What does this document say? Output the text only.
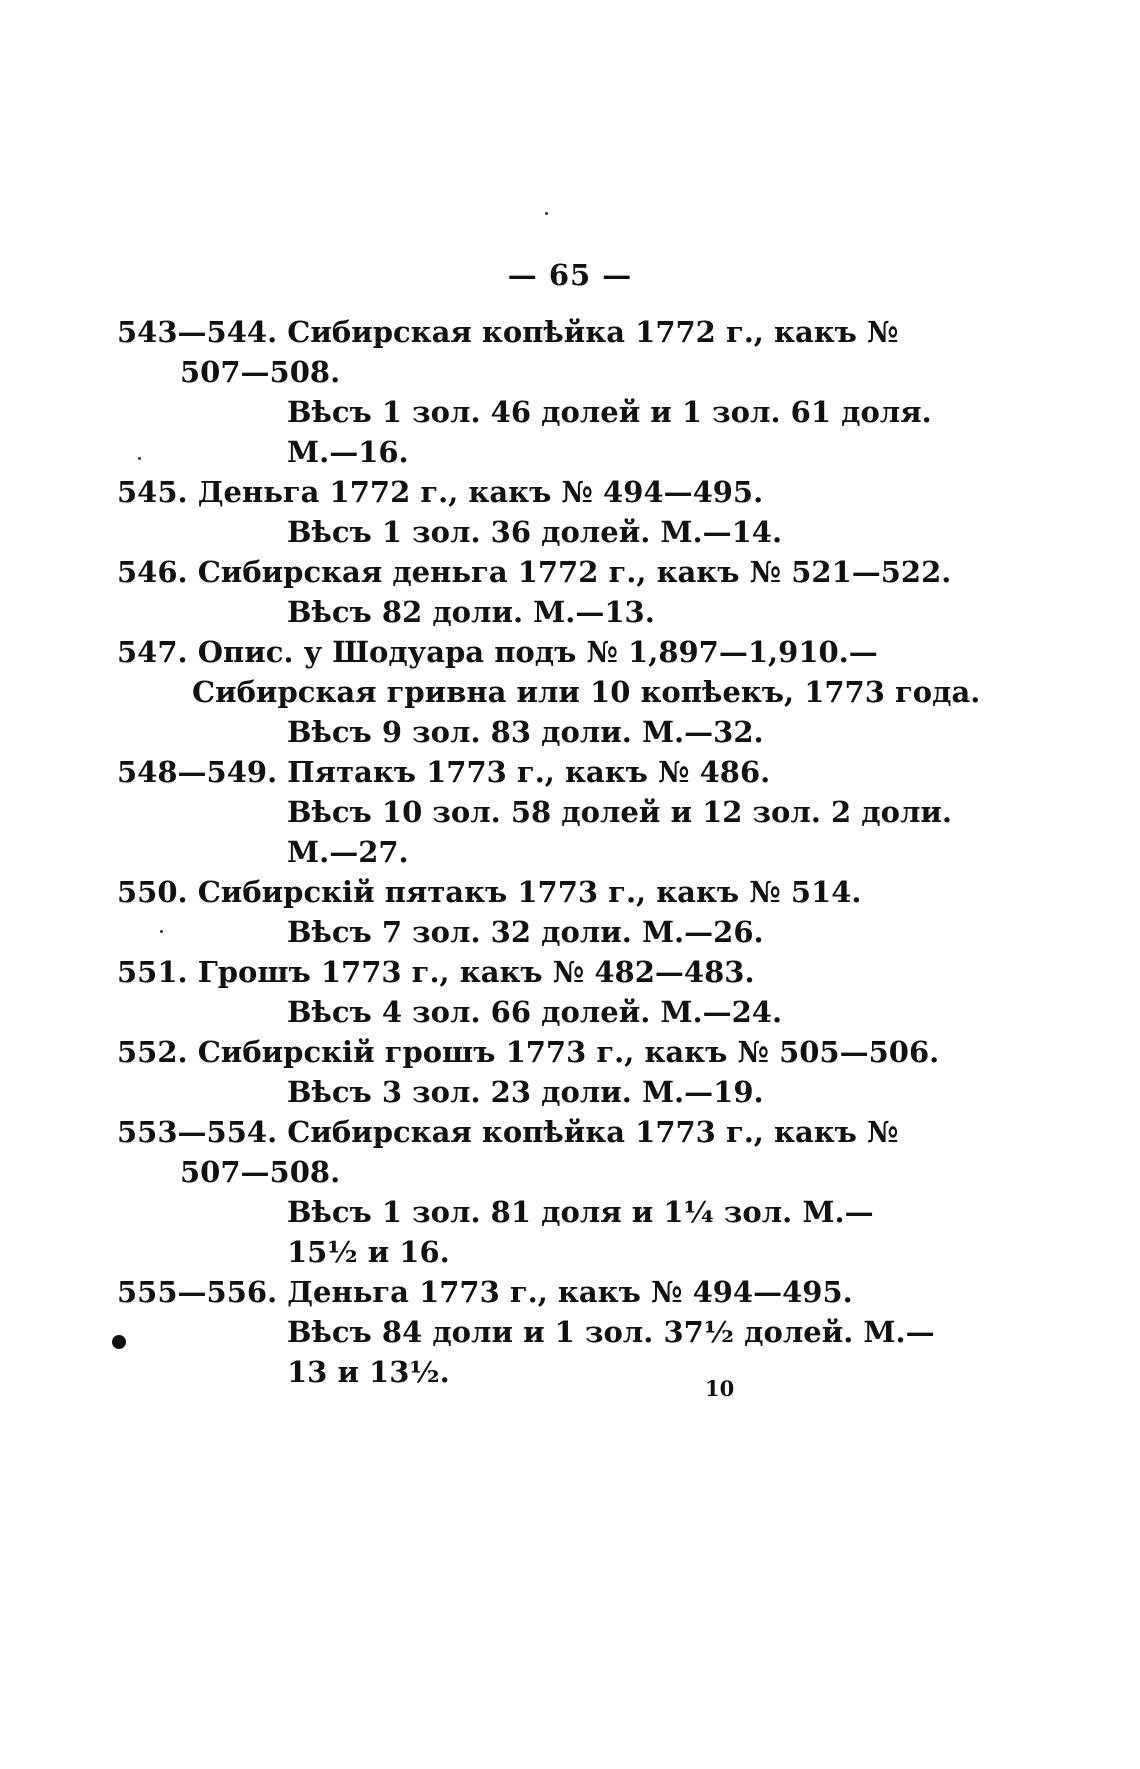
— 65 —
543—544. Сибирская копѣйка 1772 г., какъ №
507—508.
Вѣсъ 1 зол. 46 долей и 1 зол. 61 доля.
М.—16.
545. Деньга 1772 г., какъ № 494—495.
Вѣсъ 1 зол. 36 долей. М.—14.
546. Сибирская деньга 1772 г., какъ № 521—522.
Вѣсъ 82 доли. М.—13.
547. Опис. у Шодуара подъ № 1,897—1,910.—
Сибирская гривна или 10 копѣекъ, 1773 года.
Вѣсъ 9 зол. 83 доли. М.—32.
548—549. Пятакъ 1773 г., какъ № 486.
Вѣсъ 10 зол. 58 долей и 12 зол. 2 доли.
М.—27.
550. Сибирскій пятакъ 1773 г., какъ № 514.
Вѣсъ 7 зол. 32 доли. М.—26.
551. Грошъ 1773 г., какъ № 482—483.
Вѣсъ 4 зол. 66 долей. М.—24.
552. Сибирскій грошъ 1773 г., какъ № 505—506.
Вѣсъ 3 зол. 23 доли. М.—19.
553—554. Сибирская копѣйка 1773 г., какъ №
507—508.
Вѣсъ 1 зол. 81 доля и 1¼ зол. М.—
15½ и 16.
555—556. Деньга 1773 г., какъ № 494—495.
Вѣсъ 84 доли и 1 зол. 37½ долей. М.—
13 и 13½.	10
